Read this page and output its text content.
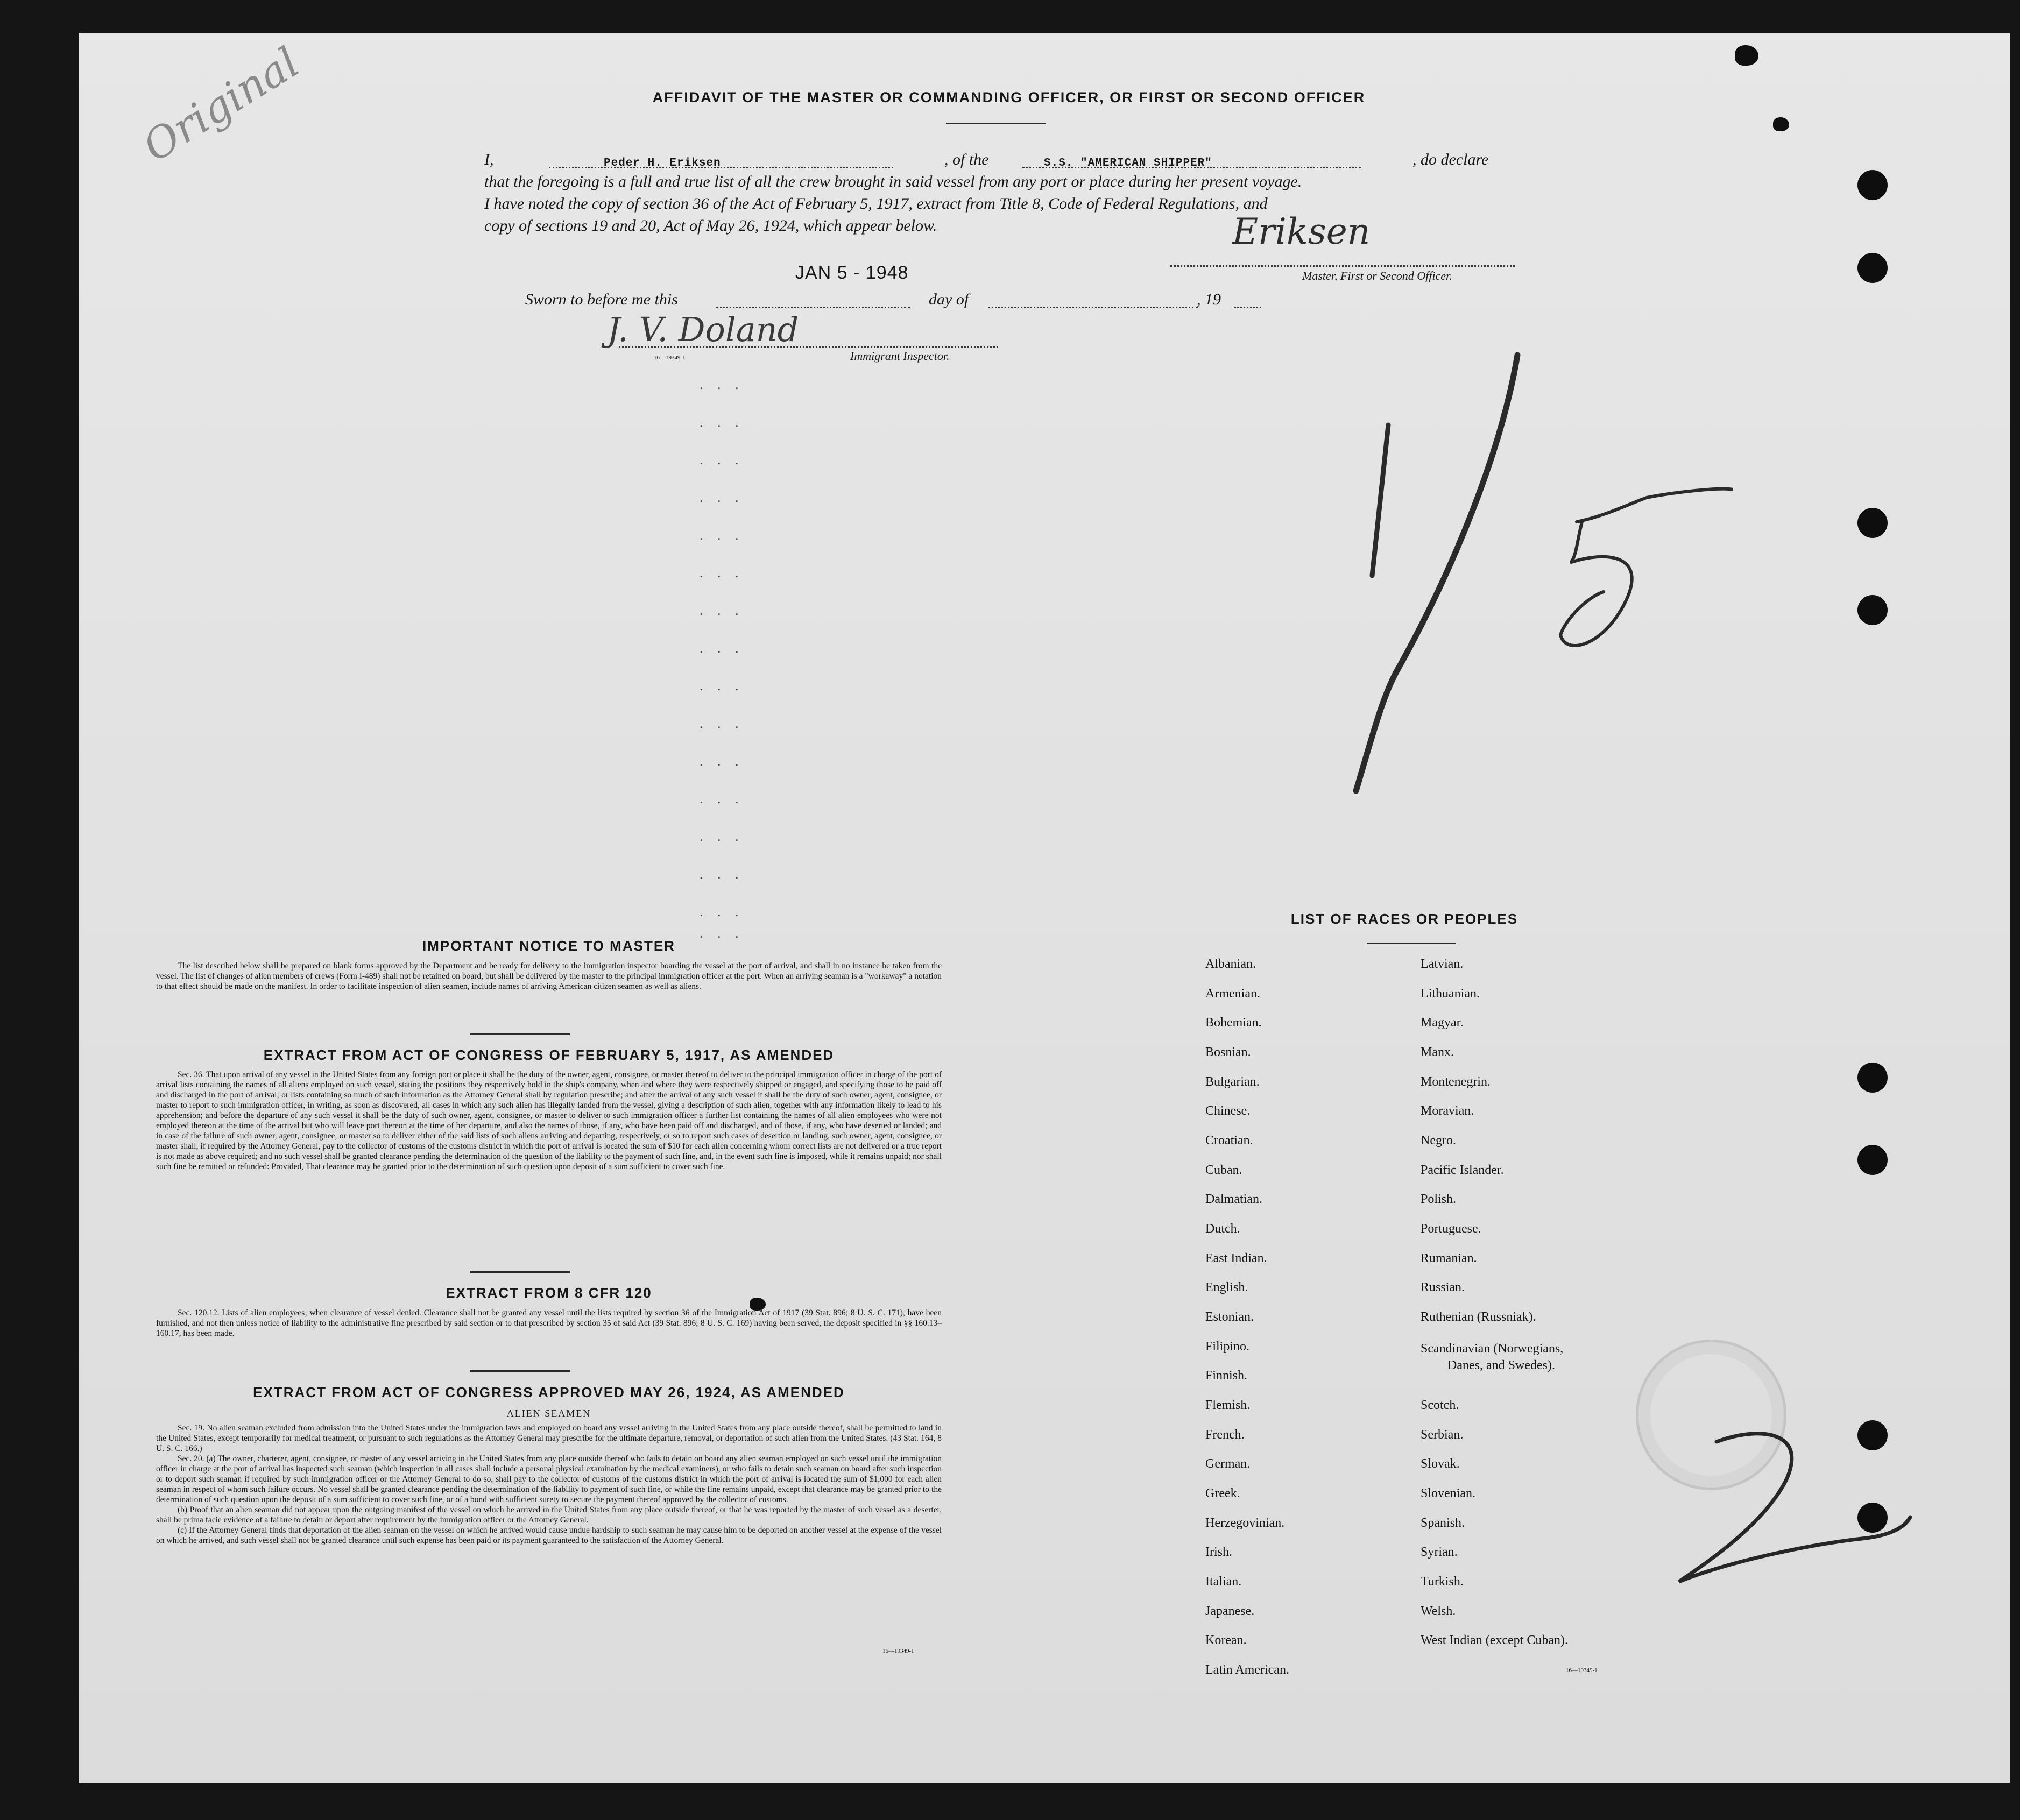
Original	AFFIDAVIT OF THE MASTER OR COMMANDING OFFICER, OR FIRST OR SECOND OFFICER
I,	Peder H. Eriksen	, of the	S.S. "AMERICAN SHIPPER"	, do declare
that the foregoing is a full and true list of all the crew brought in said vessel from any port or place during her present voyage.
I have noted the copy of section 36 of the Act of February 5, 1917, extract from Title 8, Code of Federal Regulations, and
copy of sections 19 and 20, Act of May 26, 1924, which appear below.	Eriksen
Master, First or Second Officer.
JAN 5 - 1948
Sworn to before me this	day of	, 19
J. V. Doland
16—19349-1	Immigrant Inspector.
. . .
. . .
. . .
. . .
. . .
. . .
. . .
. . .
. . .
. . .
. . .
. . .
. . .
. . .
. . .
. . .
IMPORTANT NOTICE TO MASTER
The list described below shall be prepared on blank forms approved by the Department and be ready for delivery to the immigration inspector boarding the vessel at the port of arrival, and shall in no instance be taken from the vessel. The list of changes of alien members of crews (Form I-489) shall not be retained on board, but shall be delivered by the master to the principal immigration officer at the port. When an arriving seaman is a "workaway" a notation to that effect should be made on the manifest. In order to facilitate inspection of alien seamen, include names of arriving American citizen seamen as well as aliens.
EXTRACT FROM ACT OF CONGRESS OF FEBRUARY 5, 1917, AS AMENDED
Sec. 36. That upon arrival of any vessel in the United States from any foreign port or place it shall be the duty of the owner, agent, consignee, or master thereof to deliver to the principal immigration officer in charge of the port of arrival lists containing the names of all aliens employed on such vessel, stating the positions they respectively hold in the ship's company, when and where they were respectively shipped or engaged, and specifying those to be paid off and discharged in the port of arrival; or lists containing so much of such information as the Attorney General shall by regulation prescribe; and after the arrival of any such vessel it shall be the duty of such owner, agent, consignee, or master to report to such immigration officer, in writing, as soon as discovered, all cases in which any such alien has illegally landed from the vessel, giving a description of such alien, together with any information likely to lead to his apprehension; and before the departure of any such vessel it shall be the duty of such owner, agent, consignee, or master to deliver to such immigration officer a further list containing the names of all alien employees who were not employed thereon at the time of the arrival but who will leave port thereon at the time of her departure, and also the names of those, if any, who have been paid off and discharged, and of those, if any, who have deserted or landed; and in case of the failure of such owner, agent, consignee, or master so to deliver either of the said lists of such aliens arriving and departing, respectively, or so to report such cases of desertion or landing, such owner, agent, consignee, or master shall, if required by the Attorney General, pay to the collector of customs of the customs district in which the port of arrival is located the sum of $10 for each alien concerning whom correct lists are not delivered or a true report is not made as above required; and no such vessel shall be granted clearance pending the determination of the question of the liability to the payment of such fine, and, in the event such fine is imposed, while it remains unpaid; nor shall such fine be remitted or refunded: Provided, That clearance may be granted prior to the determination of such question upon deposit of a sum sufficient to cover such fine.
EXTRACT FROM 8 CFR 120
Sec. 120.12. Lists of alien employees; when clearance of vessel denied. Clearance shall not be granted any vessel until the lists required by section 36 of the Immigration Act of 1917 (39 Stat. 896; 8 U. S. C. 171), have been furnished, and not then unless notice of liability to the administrative fine prescribed by said section or to that prescribed by section 35 of said Act (39 Stat. 896; 8 U. S. C. 169) having been served, the deposit specified in §§ 160.13–160.17, has been made.
EXTRACT FROM ACT OF CONGRESS APPROVED MAY 26, 1924, AS AMENDED
ALIEN SEAMEN

Sec. 19. No alien seaman excluded from admission into the United States under the immigration laws and employed on board any vessel arriving in the United States from any place outside thereof, shall be permitted to land in the United States, except temporarily for medical treatment, or pursuant to such regulations as the Attorney General may prescribe for the ultimate departure, removal, or deportation of such alien from the United States. (43 Stat. 164, 8 U. S. C. 166.)

Sec. 20. (a) The owner, charterer, agent, consignee, or master of any vessel arriving in the United States from any place outside thereof who fails to detain on board any alien seaman employed on such vessel until the immigration officer in charge at the port of arrival has inspected such seaman (which inspection in all cases shall include a personal physical examination by the medical examiners), or who fails to detain such seaman on board after such inspection or to deport such seaman if required by such immigration officer or the Attorney General to do so, shall pay to the collector of customs of the customs district in which the port of arrival is located the sum of $1,000 for each alien seaman in respect of whom such failure occurs. No vessel shall be granted clearance pending the determination of the liability to payment of such fine, or while the fine remains unpaid, except that clearance may be granted prior to the determination of such question upon the deposit of a sum sufficient to cover such fine, or of a bond with sufficient surety to secure the payment thereof approved by the collector of customs.

(b) Proof that an alien seaman did not appear upon the outgoing manifest of the vessel on which he arrived in the United States from any place outside thereof, or that he was reported by the master of such vessel as a deserter, shall be prima facie evidence of a failure to detain or deport after requirement by the immigration officer or the Attorney General.

(c) If the Attorney General finds that deportation of the alien seaman on the vessel on which he arrived would cause undue hardship to such seaman he may cause him to be deported on another vessel at the expense of the vessel on which he arrived, and such vessel shall not be granted clearance until such expense has been paid or its payment guaranteed to the satisfaction of the Attorney General.

16—19349-1
LIST OF RACES OR PEOPLES
Albanian.
Armenian.
Bohemian.
Bosnian.
Bulgarian.
Chinese.
Croatian.
Cuban.
Dalmatian.
Dutch.
East Indian.
English.
Estonian.
Filipino.
Finnish.
Flemish.
French.
German.
Greek.
Herzegovinian.
Irish.
Italian.
Japanese.
Korean.
Latin American.
Latvian.
Lithuanian.
Magyar.
Manx.
Montenegrin.
Moravian.
Negro.
Pacific Islander.
Polish.
Portuguese.
Rumanian.
Russian.
Ruthenian (Russniak).
Scandinavian (Norwegians,
Danes, and Swedes).
Scotch.
Serbian.
Slovak.
Slovenian.
Spanish.
Syrian.
Turkish.
Welsh.
West Indian (except Cuban).
16—19349-1
